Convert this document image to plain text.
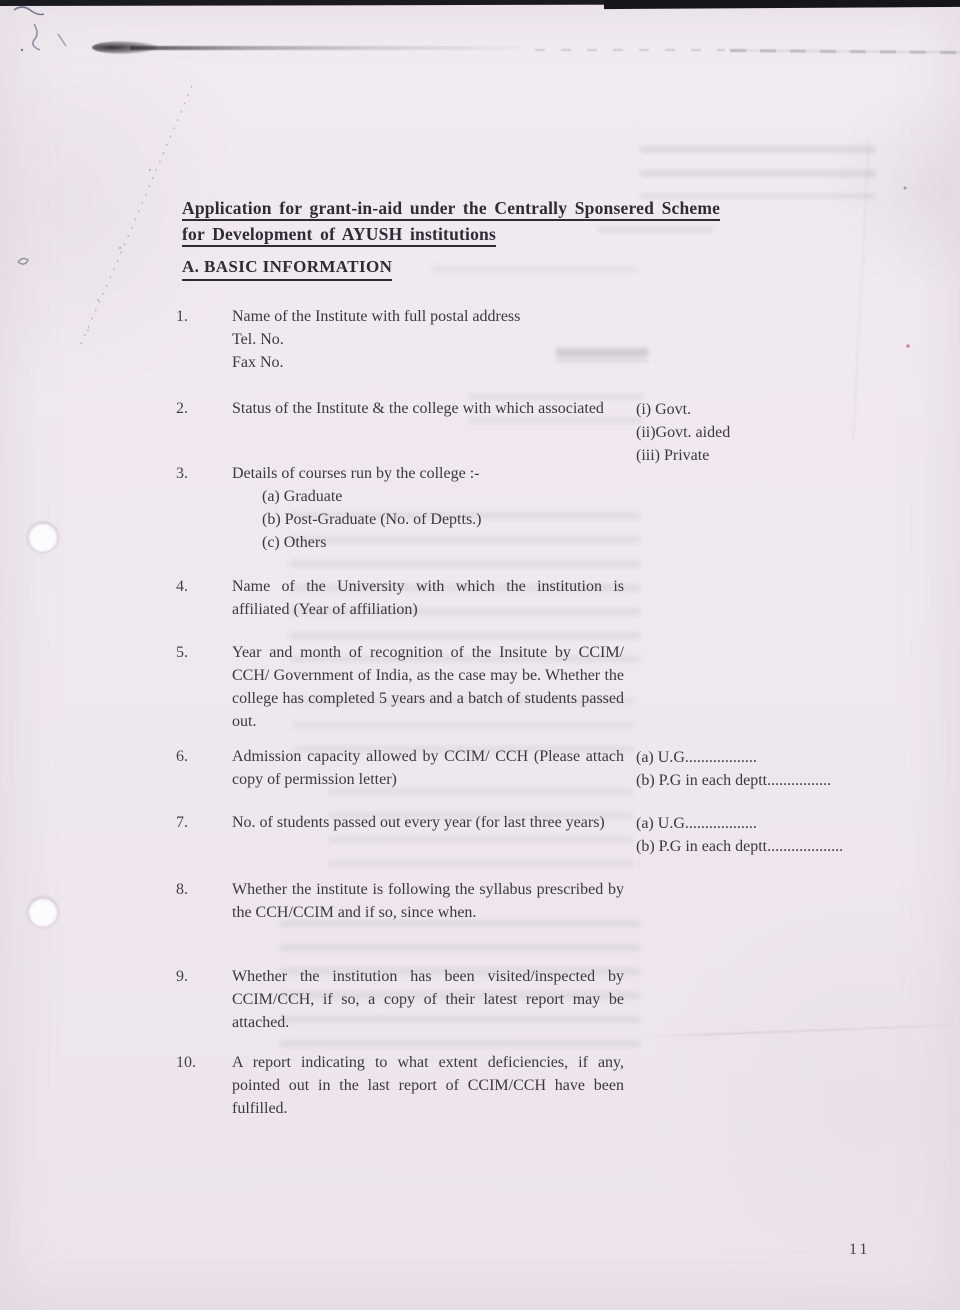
Application for grant-in-aid under the Centrally Sponsered Scheme
for Development of AYUSH institutions
A. BASIC INFORMATION
1.	Name of the Institute with full postal address
Tel. No.
Fax No.
2.	Status of the Institute & the college with which associated	(i) Govt.
(ii)Govt. aided
(iii) Private
3.	Details of courses run by the college :-
(a) Graduate
(b) Post-Graduate (No. of Deptts.)
(c) Others
4.	Name of the University with which the institution is affiliated (Year of affiliation)
5.	Year and month of recognition of the Insitute by CCIM/ CCH/ Government of India, as the case may be. Whether the college has completed 5 years and a batch of students passed out.
6.	Admission capacity allowed by CCIM/ CCH (Please attach copy of permission letter)
(a) U.G..................
(b) P.G in each deptt................
7.	No. of students passed out every year (for last three years)	(a) U.G..................
(b) P.G in each deptt...................
8.	Whether the institute is following the syllabus prescribed by the CCH/CCIM and if so, since when.
9.	Whether the institution has been visited/inspected by CCIM/CCH, if so, a copy of their latest report may be attached.
10.	A report indicating to what extent deficiencies, if any, pointed out in the last report of CCIM/CCH have been fulfilled.
11
